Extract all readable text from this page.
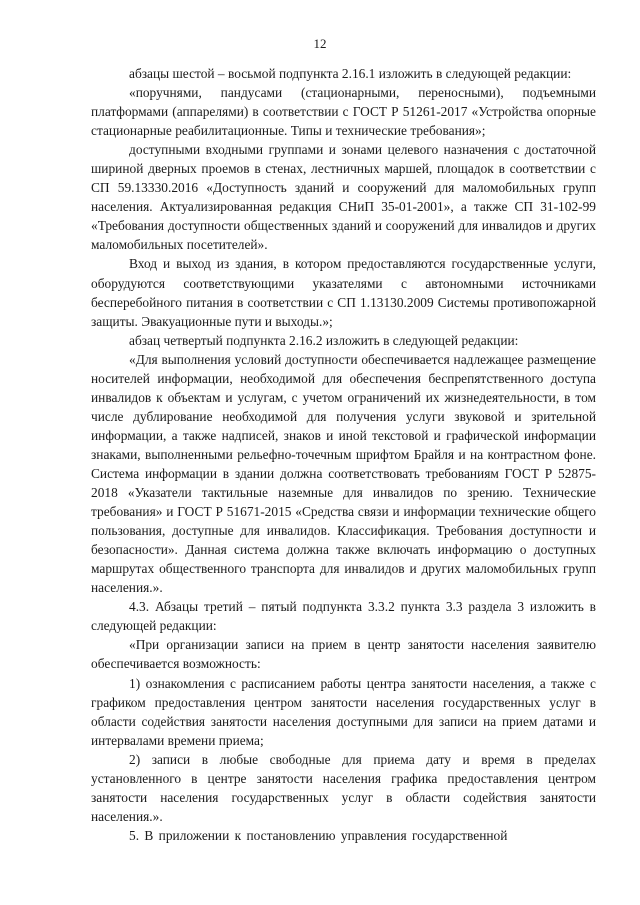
12

абзацы шестой – восьмой подпункта 2.16.1 изложить в следующей редакции:

«поручнями, пандусами (стационарными, переносными), подъемными платформами (аппарелями) в соответствии с ГОСТ Р 51261-2017 «Устройства опорные стационарные реабилитационные. Типы и технические требования»;

доступными входными группами и зонами целевого назначения с достаточной шириной дверных проемов в стенах, лестничных маршей, площадок в соответствии с СП 59.13330.2016 «Доступность зданий и сооружений для маломобильных групп населения. Актуализированная редакция СНиП 35-01-2001», а также СП 31-102-99 «Требования доступности общественных зданий и сооружений для инвалидов и других маломобильных посетителей».

Вход и выход из здания, в котором предоставляются государственные услуги, оборудуются соответствующими указателями с автономными источниками бесперебойного питания в соответствии с СП 1.13130.2009 Системы противопожарной защиты. Эвакуационные пути и выходы.»;

абзац четвертый подпункта 2.16.2 изложить в следующей редакции:

«Для выполнения условий доступности обеспечивается надлежащее размещение носителей информации, необходимой для обеспечения беспрепятственного доступа инвалидов к объектам и услугам, с учетом ограничений их жизнедеятельности, в том числе дублирование необходимой для получения услуги звуковой и зрительной информации, а также надписей, знаков и иной текстовой и графической информации знаками, выполненными рельефно-точечным шрифтом Брайля и на контрастном фоне. Система информации в здании должна соответствовать требованиям ГОСТ Р 52875-2018 «Указатели тактильные наземные для инвалидов по зрению. Технические требования» и ГОСТ Р 51671-2015 «Средства связи и информации технические общего пользования, доступные для инвалидов. Классификация. Требования доступности и безопасности». Данная система должна также включать информацию о доступных маршрутах общественного транспорта для инвалидов и других маломобильных групп населения.».

4.3. Абзацы третий – пятый подпункта 3.3.2 пункта 3.3 раздела 3 изложить в следующей редакции:

«При организации записи на прием в центр занятости населения заявителю обеспечивается возможность:

1) ознакомления с расписанием работы центра занятости населения, а также с графиком предоставления центром занятости населения государственных услуг в области содействия занятости населения доступными для записи на прием датами и интервалами времени приема;

2) записи в любые свободные для приема дату и время в пределах установленного в центре занятости населения графика предоставления центром занятости населения государственных услуг в области содействия занятости населения.».

5. В приложении к постановлению управления государственной
